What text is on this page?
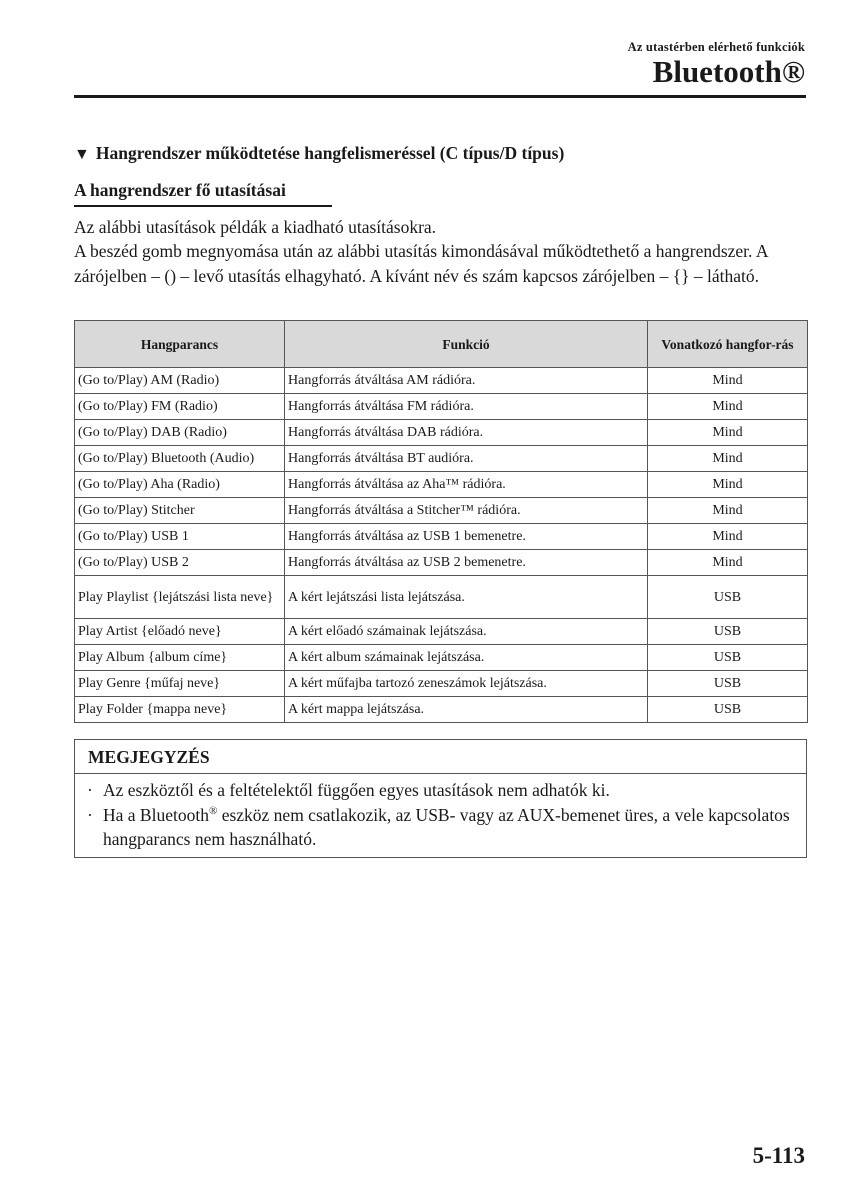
Az utastérben elérhető funkciók
Bluetooth®
▼ Hangrendszer működtetése hangfelismeréssel (C típus/D típus)
A hangrendszer fő utasításai

Az alábbi utasítások példák a kiadható utasításokra.

A beszéd gomb megnyomása után az alábbi utasítás kimondásával működtethető a hangrendszer. A zárójelben – () – levő utasítás elhagyható. A kívánt név és szám kapcsos zárójelben – {} – látható.

Hangparancs	Funkció	Vonatkozó hangfor-rás
(Go to/Play) AM (Radio)	Hangforrás átváltása AM rádióra.	Mind
(Go to/Play) FM (Radio)	Hangforrás átváltása FM rádióra.	Mind
(Go to/Play) DAB (Radio)	Hangforrás átváltása DAB rádióra.	Mind
(Go to/Play) Bluetooth (Audio)	Hangforrás átváltása BT audióra.	Mind
(Go to/Play) Aha (Radio)	Hangforrás átváltása az Aha™ rádióra.	Mind
(Go to/Play) Stitcher	Hangforrás átváltása a Stitcher™ rádióra.	Mind
(Go to/Play) USB 1	Hangforrás átváltása az USB 1 bemenetre.	Mind
(Go to/Play) USB 2	Hangforrás átváltása az USB 2 bemenetre.	Mind
Play Playlist {lejátszási lista neve}	A kért lejátszási lista lejátszása.	USB
Play Artist {előadó neve}	A kért előadó számainak lejátszása.	USB
Play Album {album címe}	A kért album számainak lejátszása.	USB
Play Genre {műfaj neve}	A kért műfajba tartozó zeneszámok lejátszása.	USB
Play Folder {mappa neve}	A kért mappa lejátszása.	USB
MEGJEGYZÉS
· Az eszköztől és a feltételektől függően egyes utasítások nem adhatók ki.
· Ha a Bluetooth® eszköz nem csatlakozik, az USB- vagy az AUX-bemenet üres, a vele kapcsolatos hangparancs nem használható.
5-113
